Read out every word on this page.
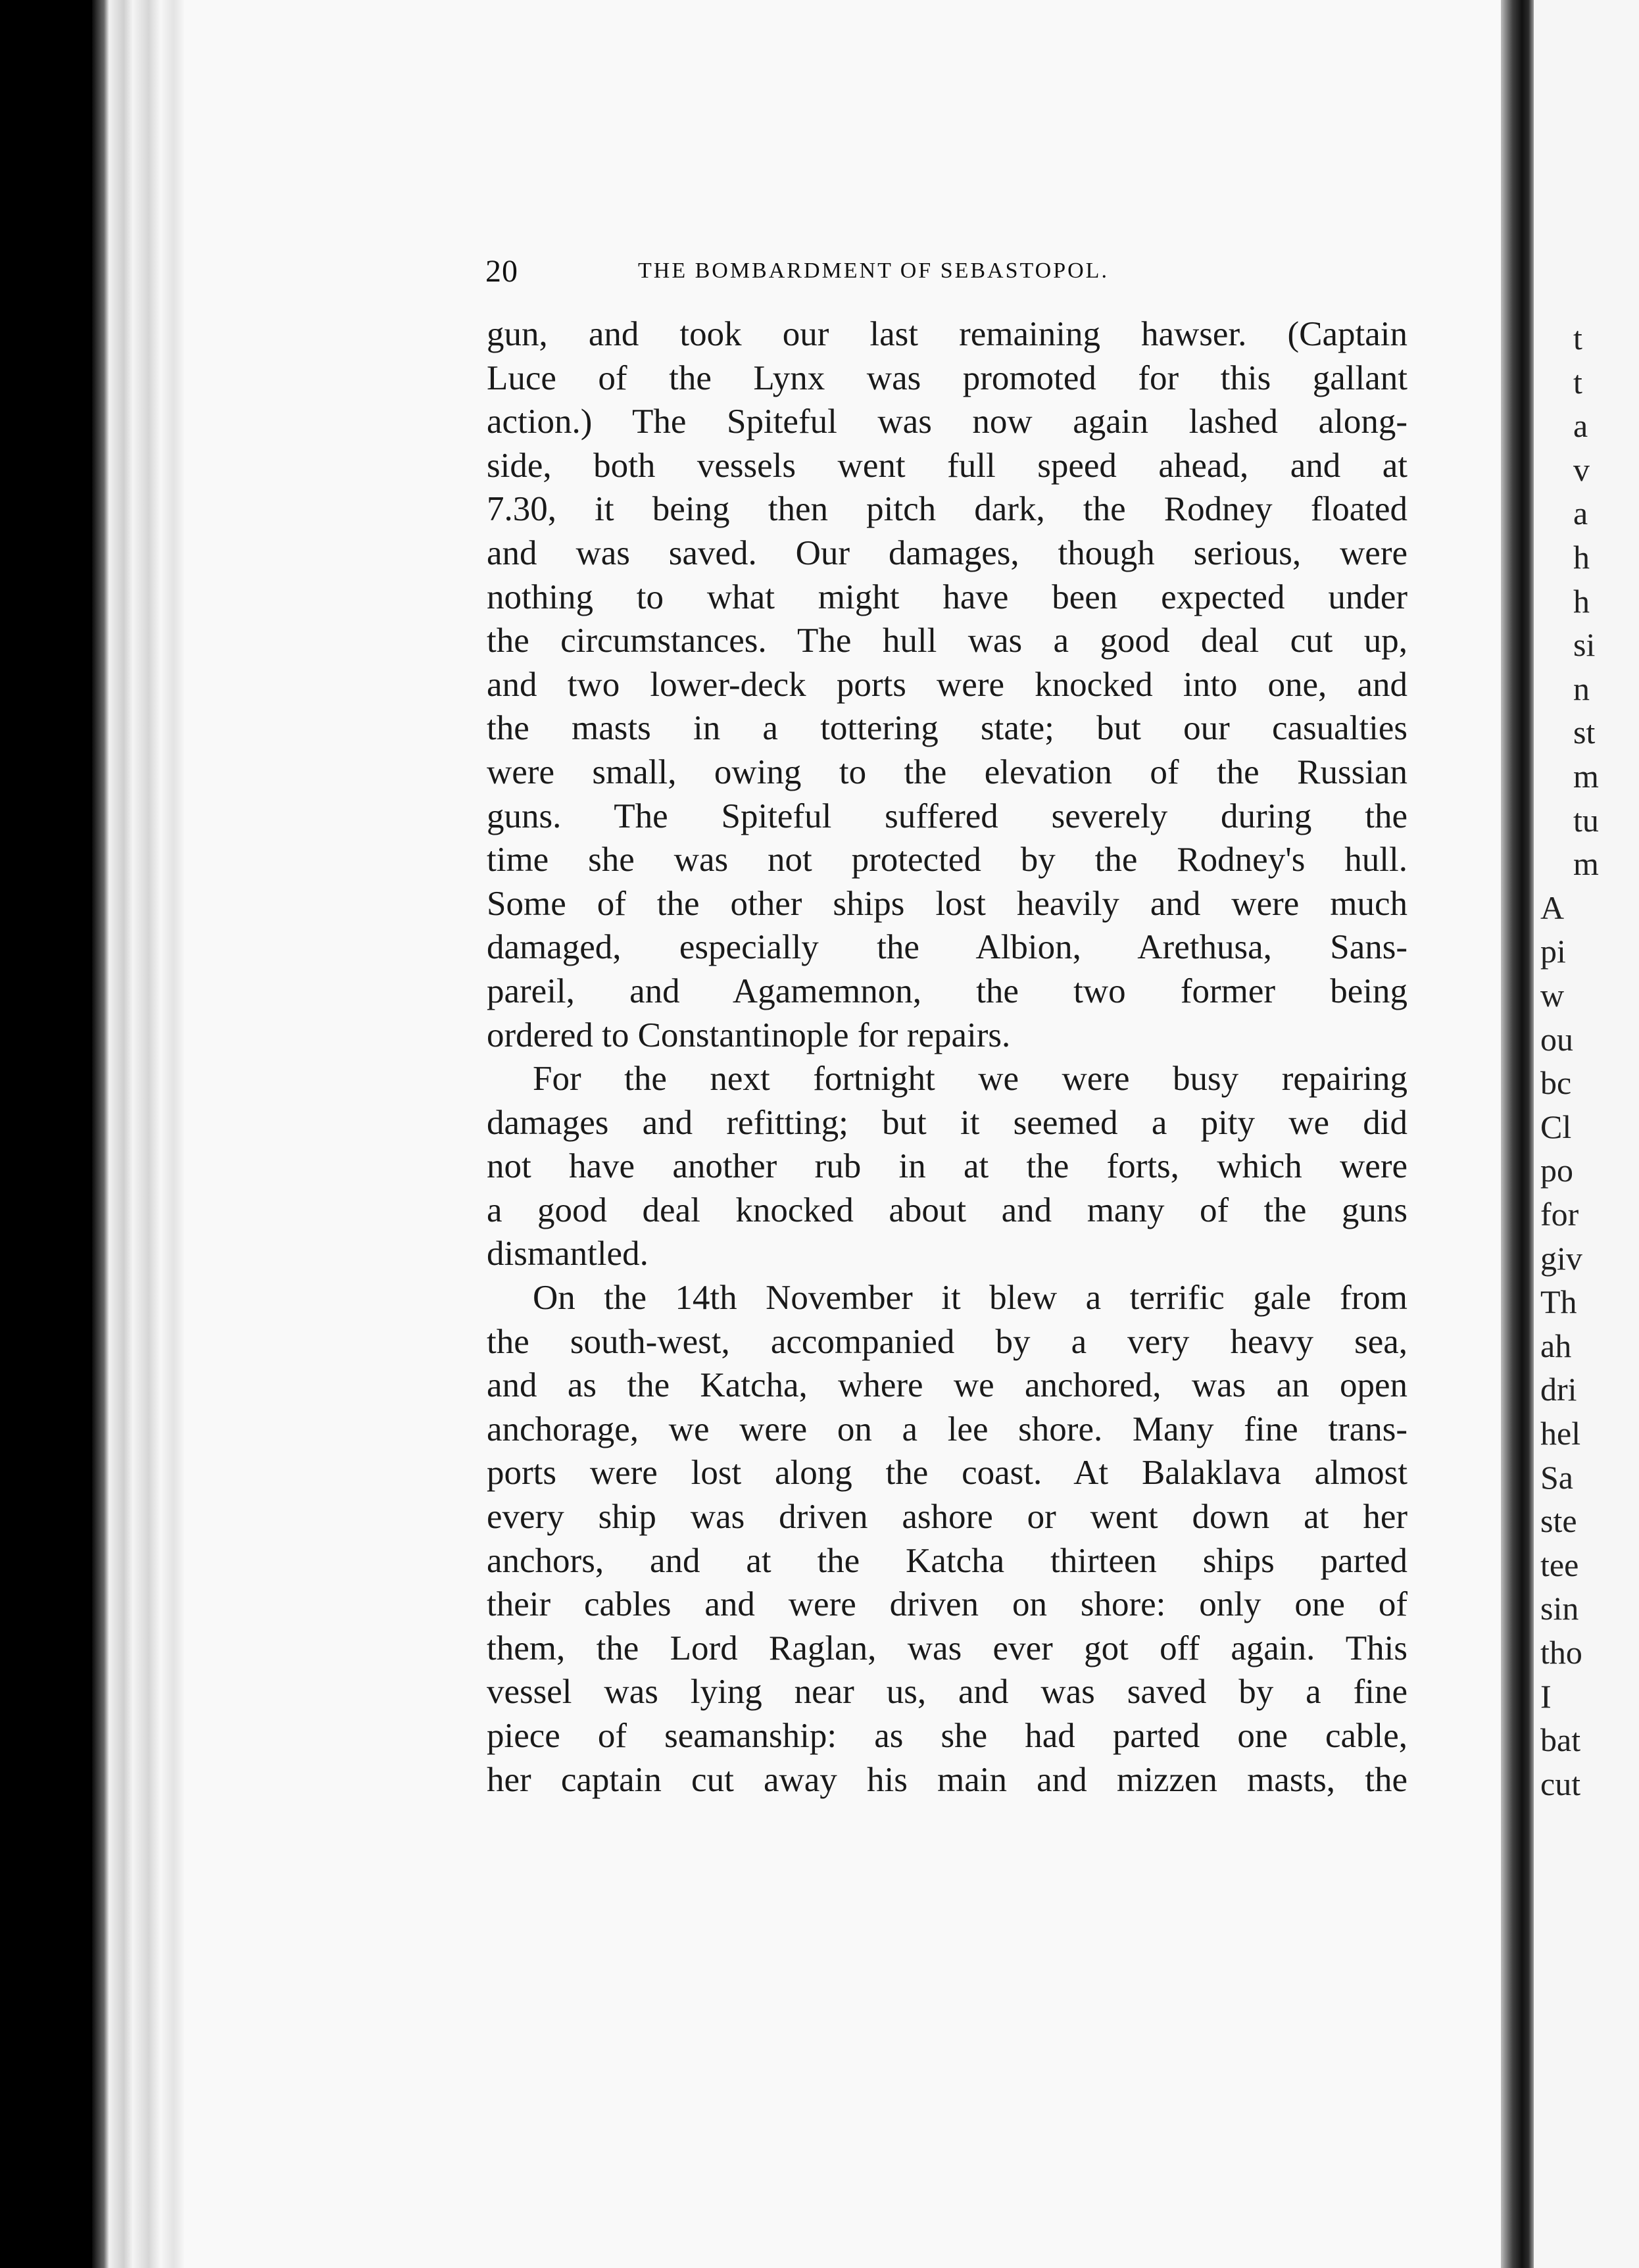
20	THE BOMBARDMENT OF SEBASTOPOL.
gun, and took our last remaining hawser. (Captain
Luce of the Lynx was promoted for this gallant
action.) The Spiteful was now again lashed along-
side, both vessels went full speed ahead, and at
7.30, it being then pitch dark, the Rodney floated
and was saved. Our damages, though serious, were
nothing to what might have been expected under
the circumstances. The hull was a good deal cut up,
and two lower-deck ports were knocked into one, and
the masts in a tottering state; but our casualties
were small, owing to the elevation of the Russian
guns. The Spiteful suffered severely during the
time she was not protected by the Rodney's hull.
Some of the other ships lost heavily and were much
damaged, especially the Albion, Arethusa, Sans-
pareil, and Agamemnon, the two former being
ordered to Constantinople for repairs.
For the next fortnight we were busy repairing
damages and refitting; but it seemed a pity we did
not have another rub in at the forts, which were
a good deal knocked about and many of the guns
dismantled.
On the 14th November it blew a terrific gale from
the south-west, accompanied by a very heavy sea,
and as the Katcha, where we anchored, was an open
anchorage, we were on a lee shore. Many fine trans-
ports were lost along the coast. At Balaklava almost
every ship was driven ashore or went down at her
anchors, and at the Katcha thirteen ships parted
their cables and were driven on shore: only one of
them, the Lord Raglan, was ever got off again. This
vessel was lying near us, and was saved by a fine
piece of seamanship: as she had parted one cable,
her captain cut away his main and mizzen masts, the
t
t
a
v
a
h
h
si
n
st
m
tu
m
A
pi
w
ou
bc
Cl
po
for
giv
Th
ah
dri
hel
Sa
ste
tee
sin
tho
I
bat
cut
